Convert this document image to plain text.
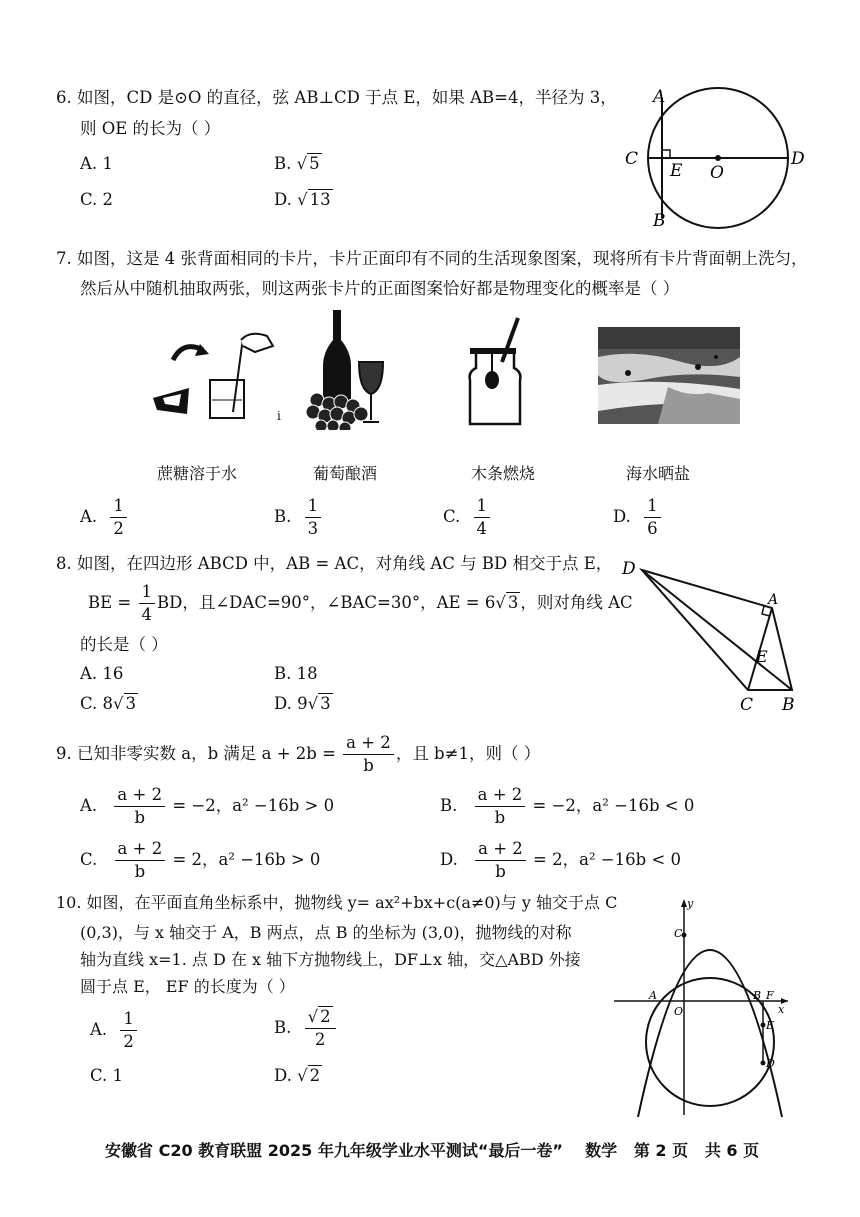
6. 如图，CD 是⊙O 的直径，弦 AB⊥CD 于点 E，如果 AB=4，半径为 3，
则 OE 的长为（ ）
A. 1	B. √ 5
C. 2	D. √ 13
A
B
C	D
E O
7. 如图，这是 4 张背面相同的卡片，卡片正面印有不同的生活现象图案，现将所有卡片背面朝上洗匀，
然后从中随机抽取两张，则这两张卡片的正面图案恰好都是物理变化的概率是（ ）
i
蔗糖溶于水	葡萄酿酒	木条燃烧	海水晒盐
A. $\frac{1}{2}$	B. $\frac{1}{3}$	C. $\frac{1}{4}$	D. $\frac{1}{6}$
8. 如图，在四边形 ABCD 中，AB = AC，对角线 AC 与 BD 相交于点 E，
BE = $\frac{1}{4}$ BD，且∠DAC=90°，∠BAC=30°，AE = 6√ 3 ，则对角线 AC
的长是（ ）
A. 16	B. 18
C. 8√ 3	D. 9√ 3
D
A
E
C B
9. 已知非零实数 a，b 满足 $a + 2b = \frac{a + 2}{b}$ ，且 b≠1，则（ ）
A. $\frac{a + 2}{b} = -2$，a² −16b > 0	B. $\frac{a + 2}{b} = -2$，a² −16b < 0
C. $\frac{a + 2}{b} = 2$，a² −16b > 0	D. $\frac{a + 2}{b} = 2$，a² −16b < 0
10. 如图，在平面直角坐标系中，抛物线 y= ax²+bx+c(a≠0)与 y 轴交于点 C
(0,3)，与 x 轴交于 A，B 两点，点 B 的坐标为 (3,0)，抛物线的对称
轴为直线 x=1. 点 D 在 x 轴下方抛物线上，DF⊥x 轴，交△ABD 外接
圆于点 E， EF 的长度为（ ）
A. $\frac{1}{2}$	B. $\frac{√ 2}{2}$
C. 1	D. √ 2
y
x
C
A
O
B F
E
D
安徽省 C20 教育联盟 2025 年九年级学业水平测试“最后一卷”    数学   第 2 页   共 6 页
